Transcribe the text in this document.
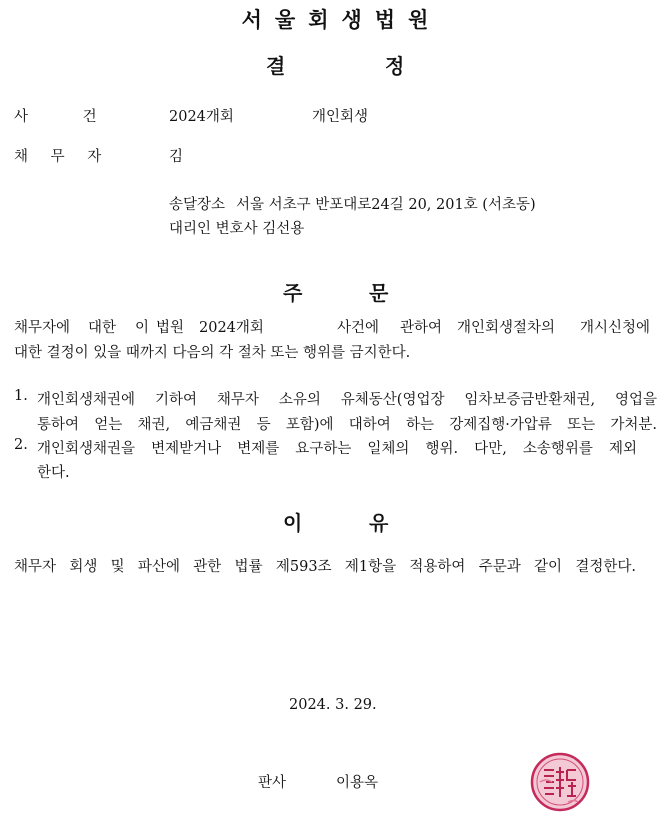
서울회생법원
결	정
사 건	2024개회	개인회생
채 무 자	김
송달장소 서울 서초구 반포대로24길 20, 201호 (서초동)
대리인 변호사 김선용
주	문
채무자에 대한 이 법원 2024개회	사건에 관하여 개인회생절차의 개시신청에
대한 결정이 있을 때까지 다음의 각 절차 또는 행위를 금지한다.
1. 개인회생채권에 기하여 채무자 소유의 유체동산(영업장 임차보증금반환채권, 영업을
통하여 얻는 채권, 예금채권 등 포함)에 대하여 하는 강제집행·가압류 또는 가처분.
2. 개인회생채권을 변제받거나 변제를 요구하는 일체의 행위. 다만, 소송행위를 제외
한다.
이	유
채무자 회생 및 파산에 관한 법률 제593조 제1항을 적용하여 주문과 같이 결정한다.
2024. 3. 29.
판사	이용옥
